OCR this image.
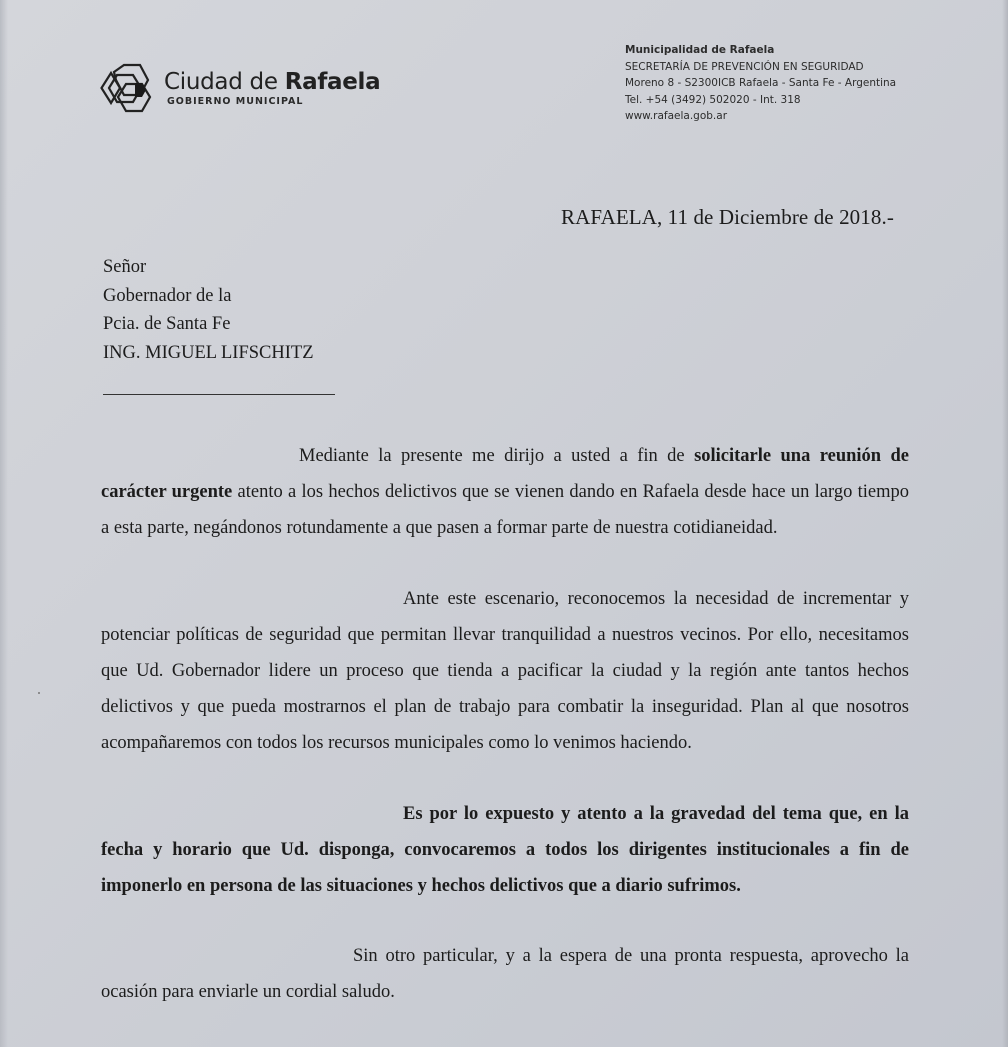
Ciudad de Rafaela
GOBIERNO MUNICIPAL
Municipalidad de Rafaela
SECRETARÍA DE PREVENCIÓN EN SEGURIDAD
Moreno 8 - S2300ICB Rafaela - Santa Fe - Argentina
Tel. +54 (3492) 502020 - Int. 318
www.rafaela.gob.ar
RAFAELA, 11 de Diciembre de 2018.-
Señor
Gobernador de la
Pcia. de Santa Fe
ING. MIGUEL LIFSCHITZ
Mediante la presente me dirijo a usted a fin de solicitarle una reunión de carácter urgente atento a los hechos delictivos que se vienen dando en Rafaela desde hace un largo tiempo a esta parte, negándonos rotundamente a que pasen a formar parte de nuestra cotidianeidad.
Ante este escenario, reconocemos la necesidad de incrementar y potenciar políticas de seguridad que permitan llevar tranquilidad a nuestros vecinos. Por ello, necesitamos que Ud. Gobernador lidere un proceso que tienda a pacificar la ciudad y la región ante tantos hechos delictivos y que pueda mostrarnos el plan de trabajo para combatir la inseguridad. Plan al que nosotros acompañaremos con todos los recursos municipales como lo venimos haciendo.
Es por lo expuesto y atento a la gravedad del tema que, en la fecha y horario que Ud. disponga, convocaremos a todos los dirigentes institucionales a fin de imponerlo en persona de las situaciones y hechos delictivos que a diario sufrimos.
Sin otro particular, y a la espera de una pronta respuesta, aprovecho la ocasión para enviarle un cordial saludo.
